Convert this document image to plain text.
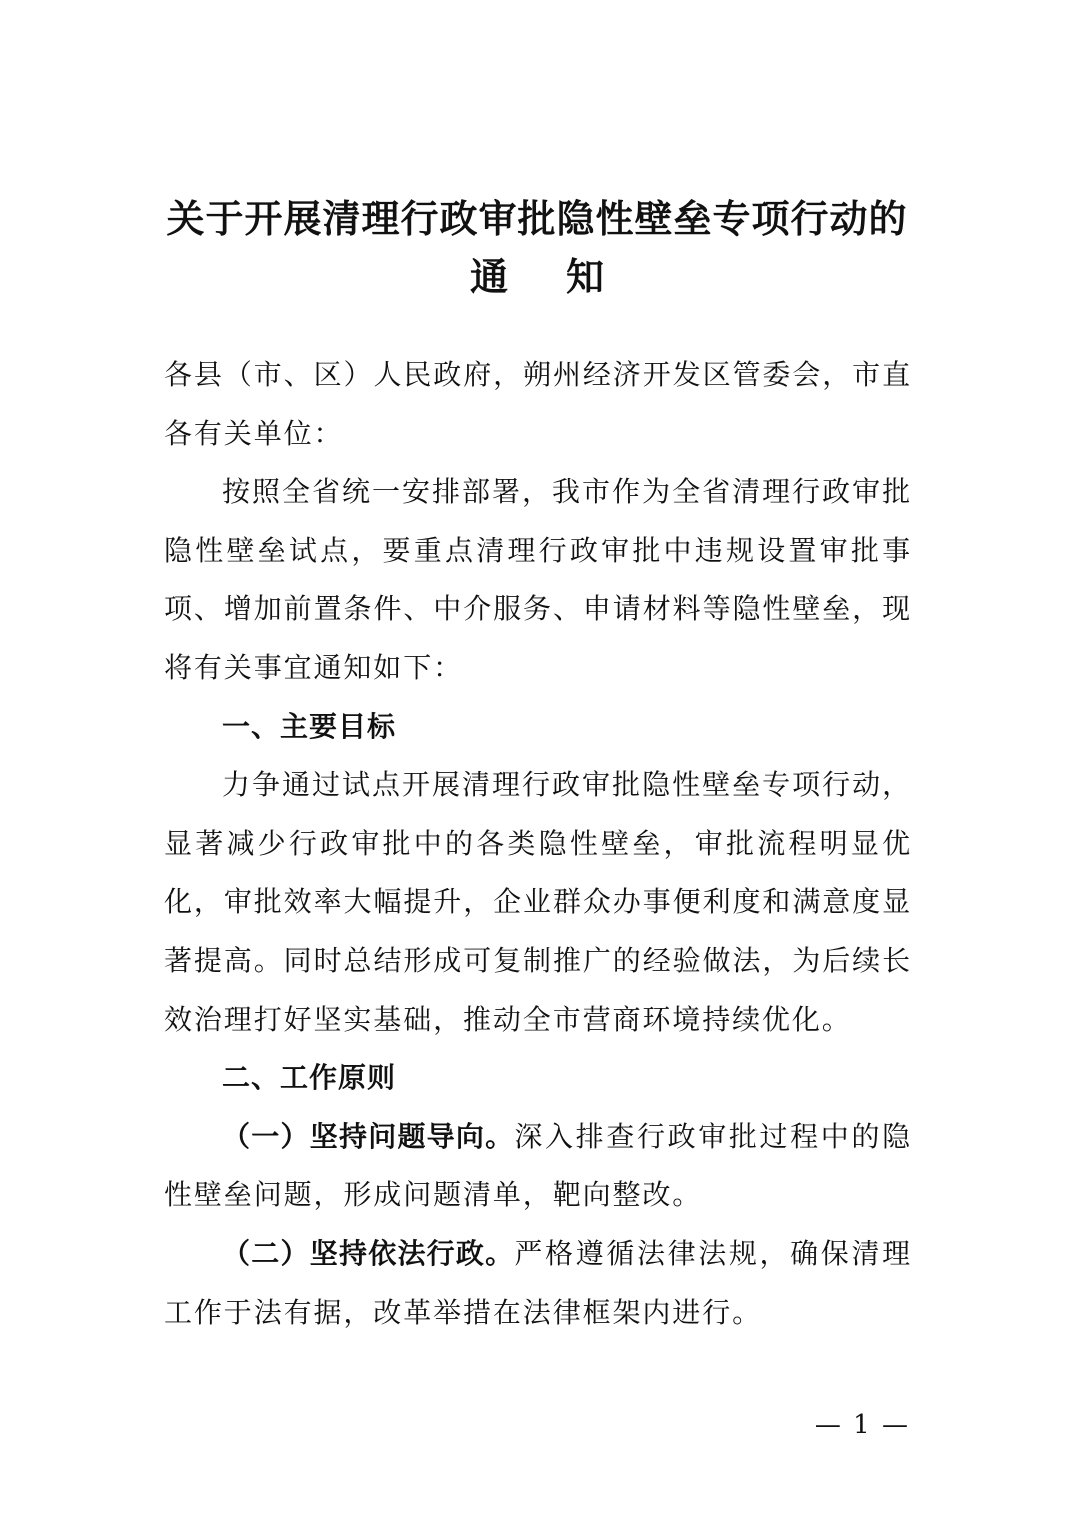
关于开展清理行政审批隐性壁垒专项行动的
通 知

各县（市、区）人民政府，朔州经济开发区管委会，市直各有关单位：

按照全省统一安排部署，我市作为全省清理行政审批隐性壁垒试点，要重点清理行政审批中违规设置审批事项、增加前置条件、中介服务、申请材料等隐性壁垒，现将有关事宜通知如下：

一、主要目标

力争通过试点开展清理行政审批隐性壁垒专项行动，显著减少行政审批中的各类隐性壁垒，审批流程明显优化，审批效率大幅提升，企业群众办事便利度和满意度显著提高。同时总结形成可复制推广的经验做法，为后续长效治理打好坚实基础，推动全市营商环境持续优化。

二、工作原则

（一）坚持问题导向。深入排查行政审批过程中的隐性壁垒问题，形成问题清单，靶向整改。

（二）坚持依法行政。严格遵循法律法规，确保清理工作于法有据，改革举措在法律框架内进行。

— 1 —
